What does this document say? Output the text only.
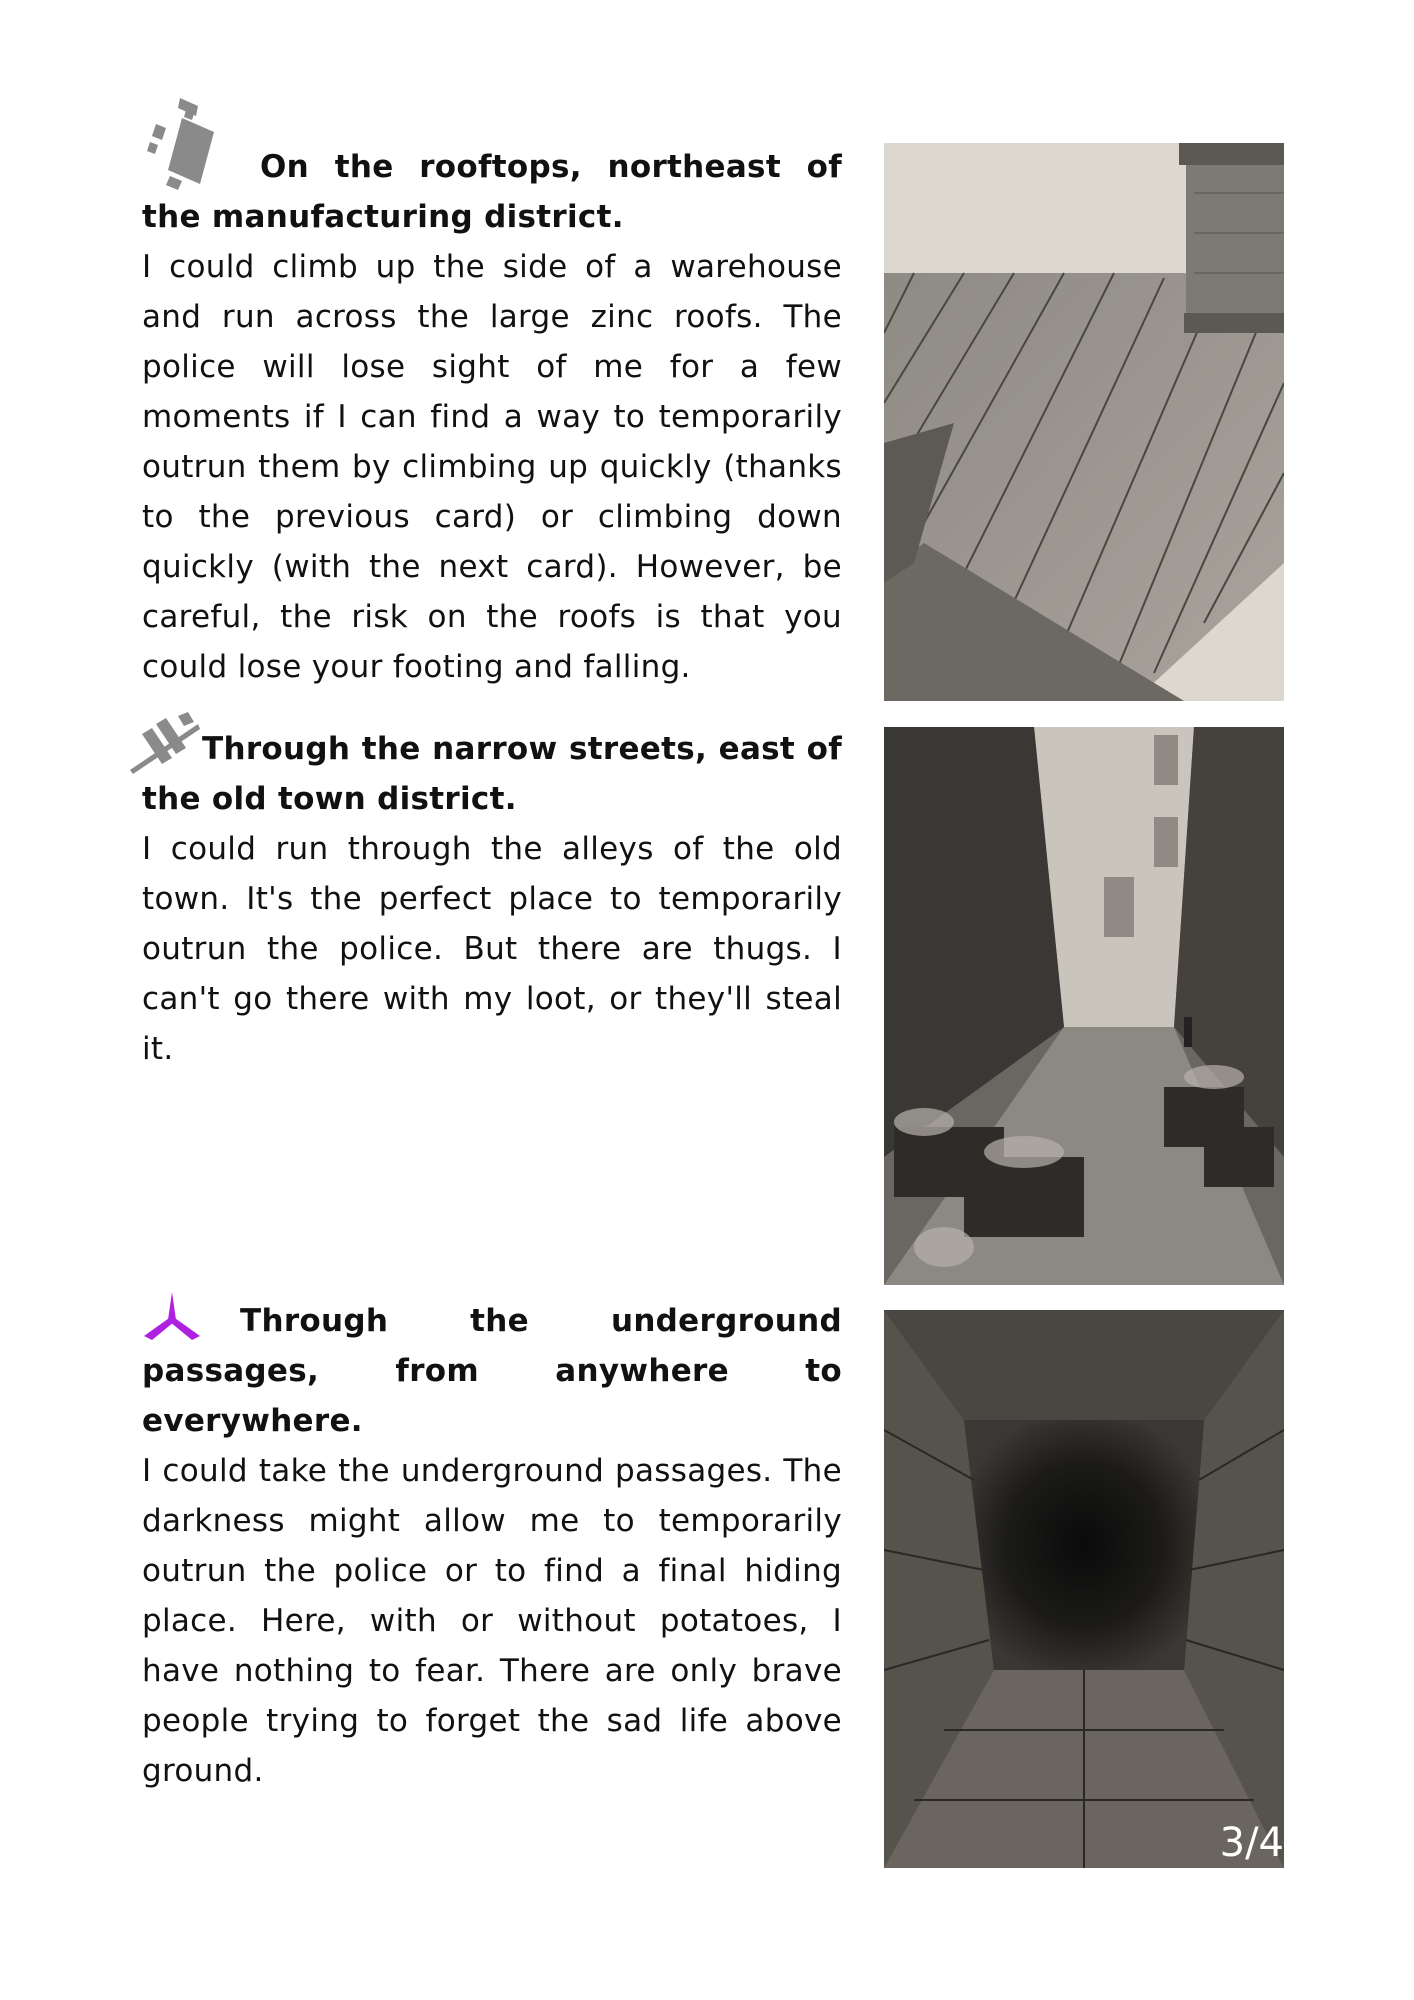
On the rooftops, northeast of the manufacturing district.
I could climb up the side of a warehouse and run across the large zinc roofs. The police will lose sight of me for a few moments if I can find a way to temporarily outrun them by climbing up quickly (thanks to the previous card) or climbing down quickly (with the next card). However, be careful, the risk on the roofs is that you could lose your footing and falling.
Through the narrow streets, east of the old town district.
I could run through the alleys of the old town. It's the perfect place to temporarily outrun the police. But there are thugs. I can't go there with my loot, or they'll steal it.
Through the underground passages, from anywhere to everywhere.
I could take the underground passages. The darkness might allow me to temporarily outrun the police or to find a final hiding place. Here, with or without potatoes, I have nothing to fear. There are only brave people trying to forget the sad life above ground.
3/4
